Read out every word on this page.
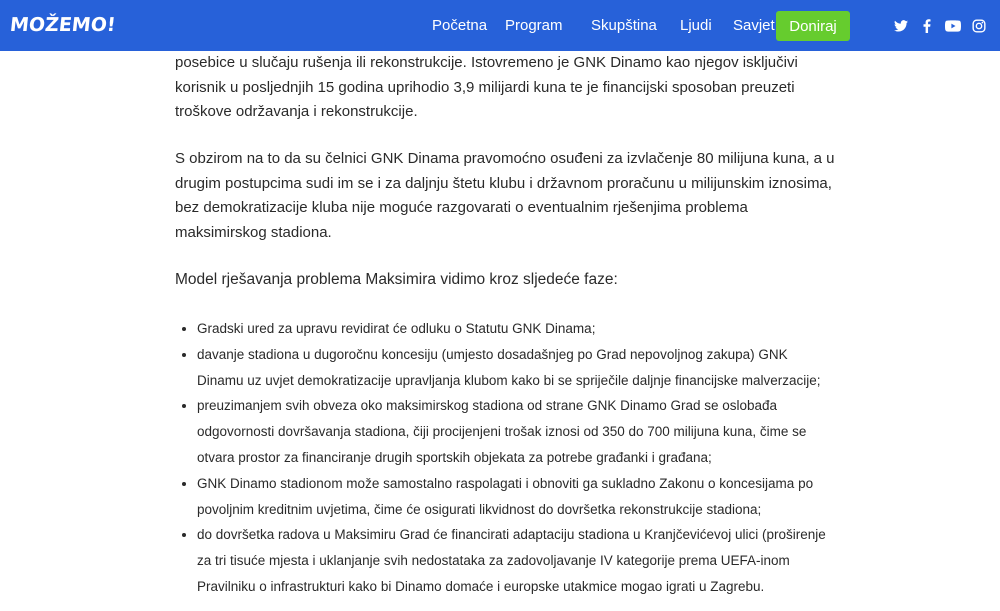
MOŽEMO!	Početna	Program	Skupština	Ljudi	Savjet Doniraj

posebice u slučaju rušenja ili rekonstrukcije. Istovremeno je GNK Dinamo kao njegov isključivi korisnik u posljednjih 15 godina uprihodio 3,9 milijardi kuna te je financijski sposoban preuzeti troškove održavanja i rekonstrukcije.

S obzirom na to da su čelnici GNK Dinama pravomoćno osuđeni za izvlačenje 80 milijuna kuna, a u drugim postupcima sudi im se i za daljnju štetu klubu i državnom proračunu u milijunskim iznosima, bez demokratizacije kluba nije moguće razgovarati o eventualnim rješenjima problema maksimirskog stadiona.

Model rješavanja problema Maksimira vidimo kroz sljedeće faze:

• Gradski ured za upravu revidirat će odluku o Statutu GNK Dinama;
• davanje stadiona u dugoročnu koncesiju (umjesto dosadašnjeg po Grad nepovoljnog zakupa) GNK Dinamu uz uvjet demokratizacije upravljanja klubom kako bi se spriječile daljnje financijske malverzacije;
• preuzimanjem svih obveza oko maksimirskog stadiona od strane GNK Dinamo Grad se oslobađa odgovornosti dovršavanja stadiona, čiji procijenjeni trošak iznosi od 350 do 700 milijuna kuna, čime se otvara prostor za financiranje drugih sportskih objekata za potrebe građanki i građana;
• GNK Dinamo stadionom može samostalno raspolagati i obnoviti ga sukladno Zakonu o koncesijama po povoljnim kreditnim uvjetima, čime će osigurati likvidnost do dovršetka rekonstrukcije stadiona;
• do dovršetka radova u Maksimiru Grad će financirati adaptaciju stadiona u Kranjčevićevoj ulici (proširenje za tri tisuće mjesta i uklanjanje svih nedostataka za zadovoljavanje IV kategorije prema UEFA-inom Pravilniku o infrastrukturi kako bi Dinamo domaće i europske utakmice mogao igrati u Zagrebu.
